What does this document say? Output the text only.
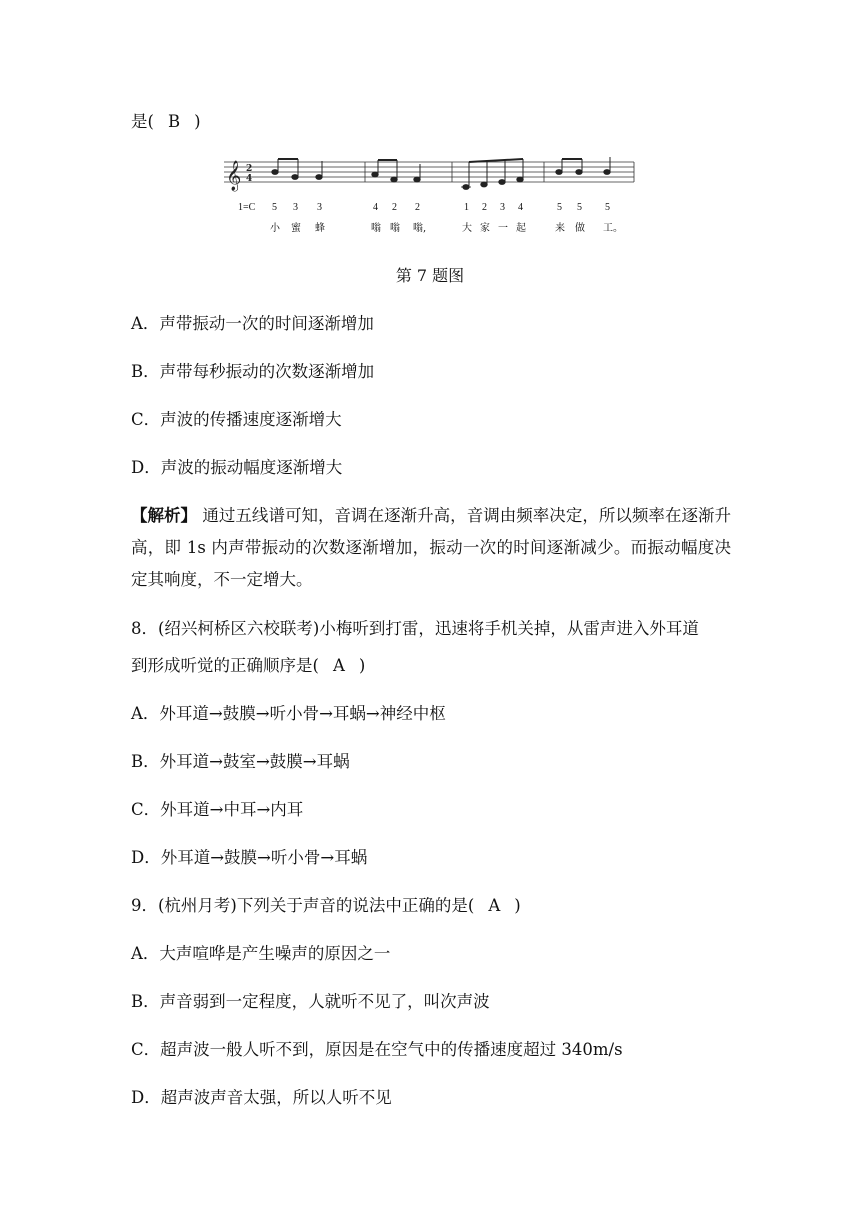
是( B )
𝄞 2
4
1=C 5 3 3	4 2 2	1 2 3 4	5 5 5
小 蜜 蜂	嗡 嗡 嗡,	大 家 一 起	来 做 工。
第 7 题图
A．声带振动一次的时间逐渐增加
B．声带每秒振动的次数逐渐增加
C．声波的传播速度逐渐增大
D．声波的振动幅度逐渐增大
【解析】 通过五线谱可知，音调在逐渐升高，音调由频率决定，所以频率在逐渐升高，即 1s 内声带振动的次数逐渐增加，振动一次的时间逐渐减少。而振动幅度决定其响度，不一定增大。
8．(绍兴柯桥区六校联考)小梅听到打雷，迅速将手机关掉，从雷声进入外耳道
到形成听觉的正确顺序是( A )
A．外耳道→鼓膜→听小骨→耳蜗→神经中枢
B．外耳道→鼓室→鼓膜→耳蜗
C．外耳道→中耳→内耳
D．外耳道→鼓膜→听小骨→耳蜗
9．(杭州月考)下列关于声音的说法中正确的是( A )
A．大声喧哗是产生噪声的原因之一
B．声音弱到一定程度，人就听不见了，叫次声波
C．超声波一般人听不到，原因是在空气中的传播速度超过 340m/s
D．超声波声音太强，所以人听不见
